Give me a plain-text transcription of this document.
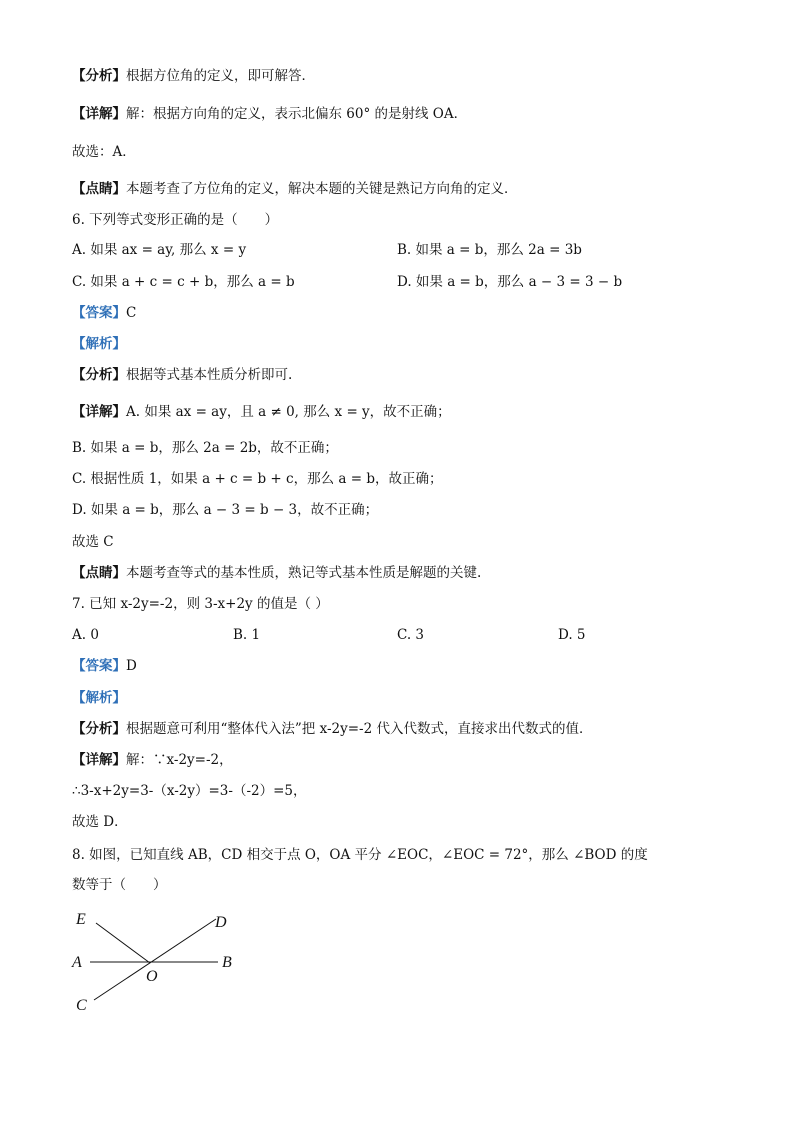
【分析】根据方位角的定义，即可解答．
【详解】解：根据方向角的定义，表示北偏东 60° 的是射线 OA．
故选：A．
【点睛】本题考查了方位角的定义，解决本题的关键是熟记方向角的定义．
6. 下列等式变形正确的是（　　）
A. 如果 ax = ay, 那么 x = y	B. 如果 a = b，那么 2a = 3b
C. 如果 a + c = c + b，那么 a = b	D. 如果 a = b，那么 a − 3 = 3 − b
【答案】C
【解析】
【分析】根据等式基本性质分析即可.
【详解】A. 如果 ax = ay，且 a ≠ 0, 那么 x = y，故不正确；
B. 如果 a = b，那么 2a = 2b，故不正确；
C. 根据性质 1，如果 a + c = b + c，那么 a = b，故正确；
D. 如果 a = b，那么 a − 3 = b − 3，故不正确；
故选 C
【点睛】本题考查等式的基本性质，熟记等式基本性质是解题的关键.
7. 已知 x-2y=-2，则 3-x+2y 的值是（ ）
A. 0	B. 1	C. 3	D. 5
【答案】D
【解析】
【分析】根据题意可利用“整体代入法”把 x-2y=-2 代入代数式，直接求出代数式的值．
【详解】解：∵x-2y=-2，
∴3-x+2y=3-（x-2y）=3-（-2）=5，
故选 D．
8. 如图，已知直线 AB，CD 相交于点 O，OA 平分 ∠EOC，∠EOC = 72°，那么 ∠BOD 的度
数等于（　　）
E	D
A	B
O
C
